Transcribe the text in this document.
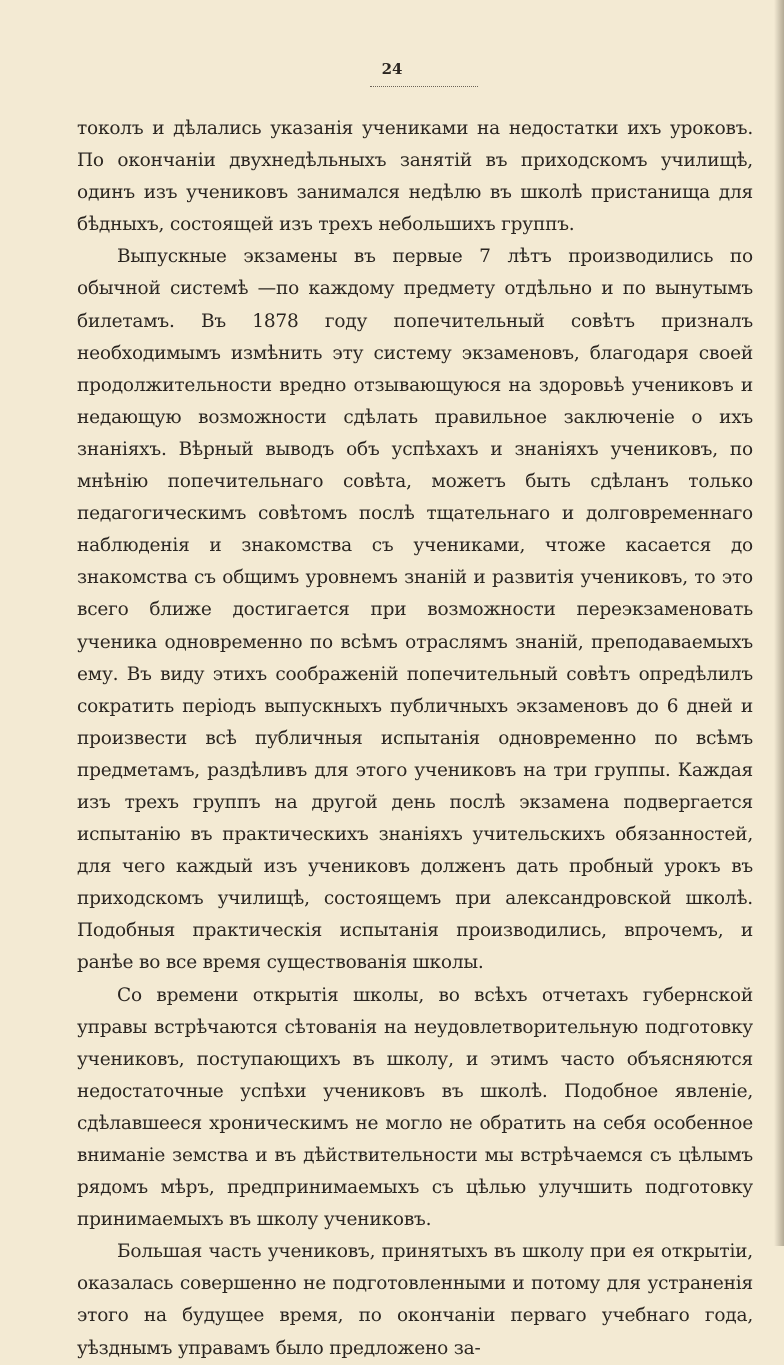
24

токолъ и дѣлались указанія учениками на недостатки ихъ уроковъ. По окончаніи двухнедѣльныхъ занятій въ приходскомъ училищѣ, одинъ изъ учениковъ занимался недѣлю въ школѣ пристанища для бѣдныхъ, состоящей изъ трехъ небольшихъ группъ.

Выпускные экзамены въ первые 7 лѣтъ производились по обычной системѣ —по каждому предмету отдѣльно и по вынутымъ билетамъ. Въ 1878 году попечительный совѣтъ призналъ необходимымъ измѣнить эту систему экзаменовъ, благодаря своей продолжительности вредно отзывающуюся на здоровьѣ учениковъ и недающую возможности сдѣлать правильное заключеніе о ихъ знаніяхъ. Вѣрный выводъ объ успѣхахъ и знаніяхъ учениковъ, по мнѣнію попечительнаго совѣта, можетъ быть сдѣланъ только педагогическимъ совѣтомъ послѣ тщательнаго и долговременнаго наблюденія и знакомства съ учениками, чтоже касается до знакомства съ общимъ уровнемъ знаній и развитія учениковъ, то это всего ближе достигается при возможности переэкзаменовать ученика одновременно по всѣмъ отраслямъ знаній, преподаваемыхъ ему. Въ виду этихъ соображеній попечительный совѣтъ опредѣлилъ сократить періодъ выпускныхъ публичныхъ экзаменовъ до 6 дней и произвести всѣ публичныя испытанія одновременно по всѣмъ предметамъ, раздѣливъ для этого учениковъ на три группы. Каждая изъ трехъ группъ на другой день послѣ экзамена подвергается испытанію въ практическихъ знаніяхъ учительскихъ обязанностей, для чего каждый изъ учениковъ долженъ дать пробный урокъ въ приходскомъ училищѣ, состоящемъ при александровской школѣ. Подобныя практическія испытанія производились, впрочемъ, и ранѣе во все время существованія школы.

Со времени открытія школы, во всѣхъ отчетахъ губернской управы встрѣчаются сѣтованія на неудовлетворительную подготовку учениковъ, поступающихъ въ школу, и этимъ часто объясняются недостаточные успѣхи учениковъ въ школѣ. Подобное явленіе, сдѣлавшееся хроническимъ не могло не обратить на себя особенное вниманіе земства и въ дѣйствительности мы встрѣчаемся съ цѣлымъ рядомъ мѣръ, предпринимаемыхъ съ цѣлью улучшить подготовку принимаемыхъ въ школу учениковъ.

Большая часть учениковъ, принятыхъ въ школу при ея открытіи, оказалась совершенно не подготовленными и потому для устраненія этого на будущее время, по окончаніи перваго учебнаго года, уѣзднымъ управамъ было предложено за-
